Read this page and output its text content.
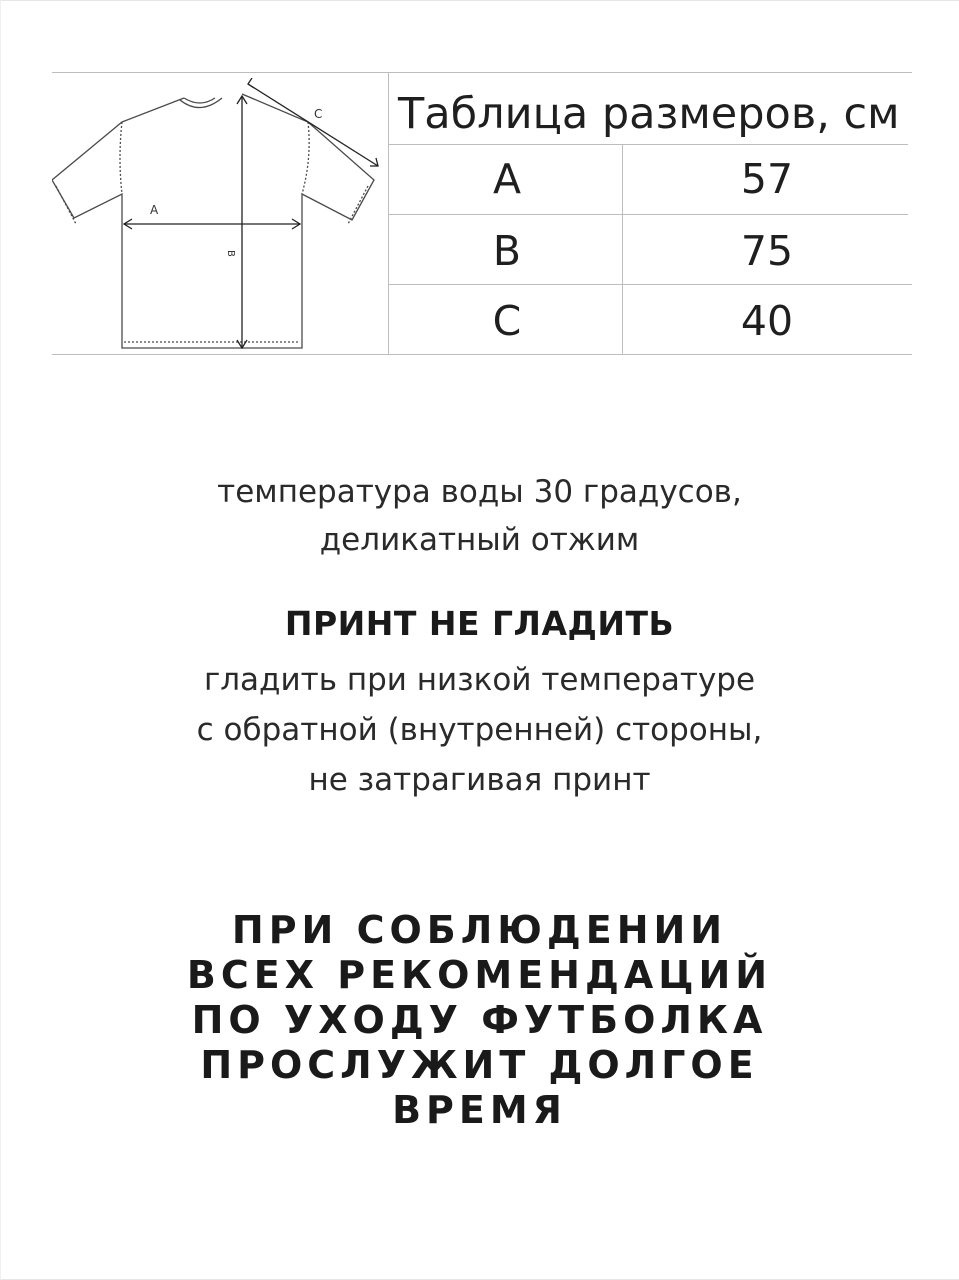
A
B
C Таблица размеров, см
A	57
B	75
C	40
температура воды 30 градусов,
деликатный отжим
ПРИНТ НЕ ГЛАДИТЬ
гладить при низкой температуре
с обратной (внутренней) стороны,
не затрагивая принт
ПРИ СОБЛЮДЕНИИ
ВСЕХ РЕКОМЕНДАЦИЙ
ПО УХОДУ ФУТБОЛКА
ПРОСЛУЖИТ ДОЛГОЕ
ВРЕМЯ
